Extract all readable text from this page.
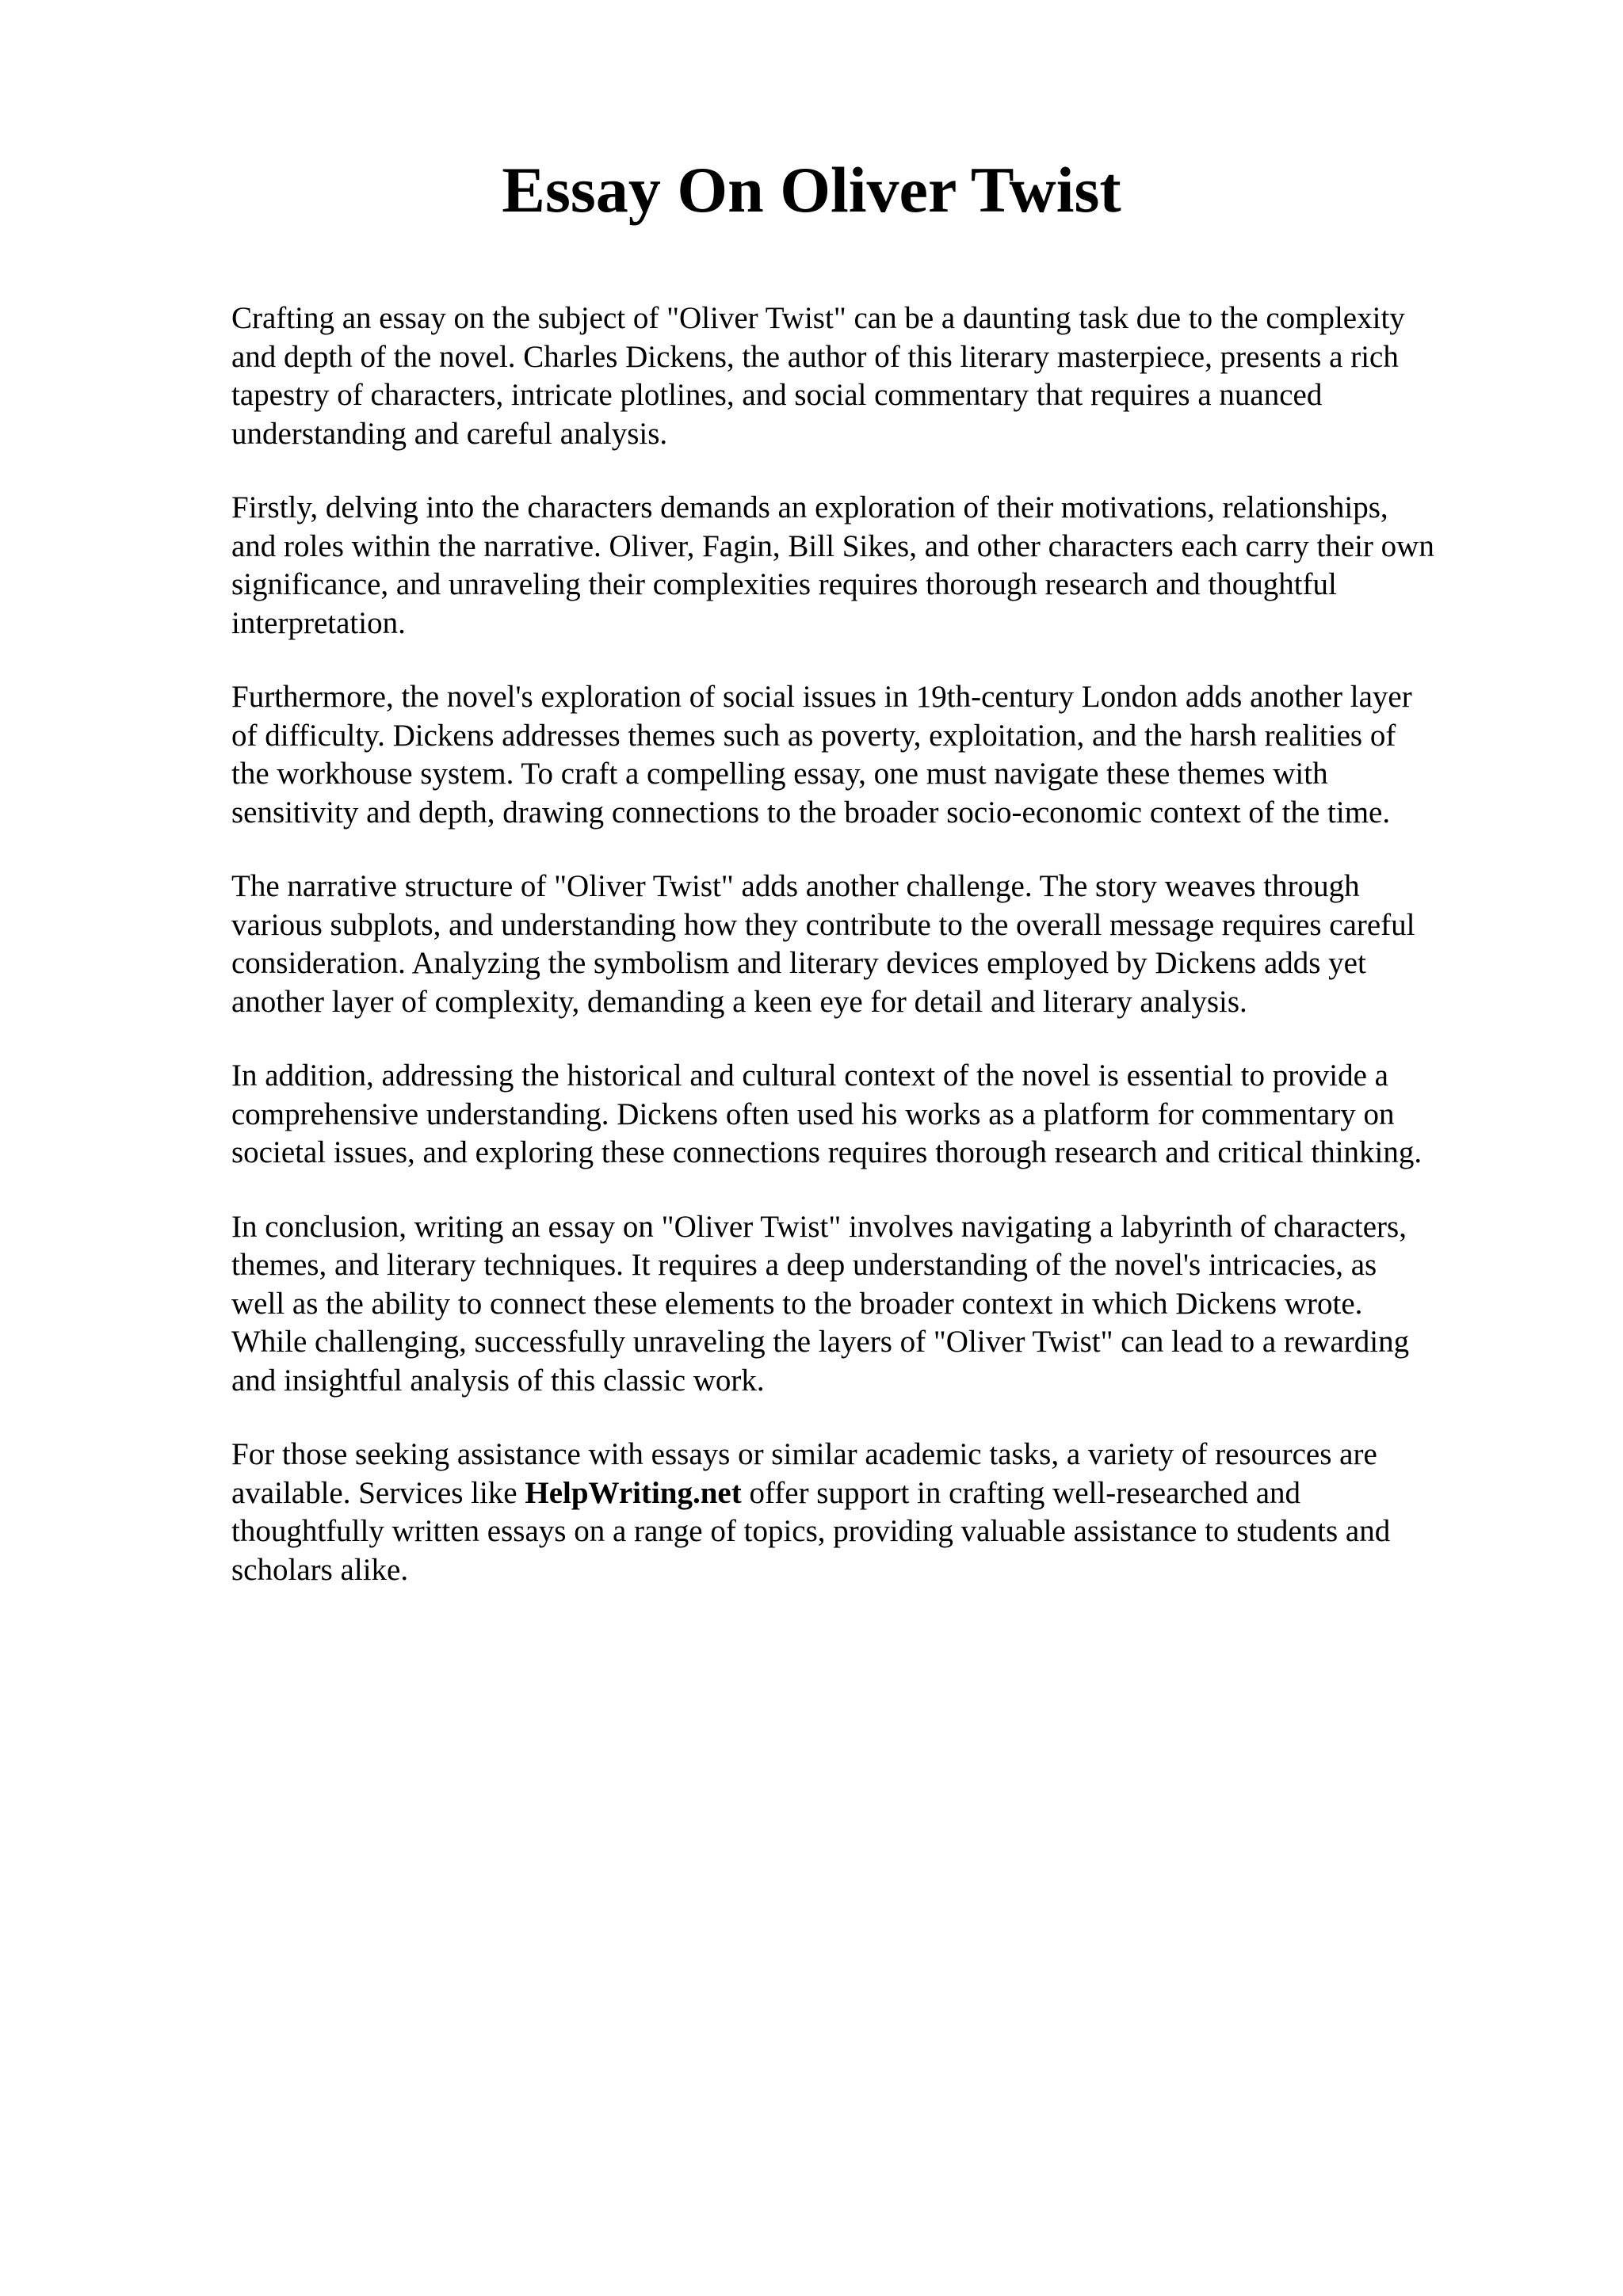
Essay On Oliver Twist

Crafting an essay on the subject of "Oliver Twist" can be a daunting task due to the complexity
and depth of the novel. Charles Dickens, the author of this literary masterpiece, presents a rich
tapestry of characters, intricate plotlines, and social commentary that requires a nuanced
understanding and careful analysis.

Firstly, delving into the characters demands an exploration of their motivations, relationships,
and roles within the narrative. Oliver, Fagin, Bill Sikes, and other characters each carry their own
significance, and unraveling their complexities requires thorough research and thoughtful
interpretation.

Furthermore, the novel's exploration of social issues in 19th-century London adds another layer
of difficulty. Dickens addresses themes such as poverty, exploitation, and the harsh realities of
the workhouse system. To craft a compelling essay, one must navigate these themes with
sensitivity and depth, drawing connections to the broader socio-economic context of the time.

The narrative structure of "Oliver Twist" adds another challenge. The story weaves through
various subplots, and understanding how they contribute to the overall message requires careful
consideration. Analyzing the symbolism and literary devices employed by Dickens adds yet
another layer of complexity, demanding a keen eye for detail and literary analysis.

In addition, addressing the historical and cultural context of the novel is essential to provide a
comprehensive understanding. Dickens often used his works as a platform for commentary on
societal issues, and exploring these connections requires thorough research and critical thinking.

In conclusion, writing an essay on "Oliver Twist" involves navigating a labyrinth of characters,
themes, and literary techniques. It requires a deep understanding of the novel's intricacies, as
well as the ability to connect these elements to the broader context in which Dickens wrote.
While challenging, successfully unraveling the layers of "Oliver Twist" can lead to a rewarding
and insightful analysis of this classic work.

For those seeking assistance with essays or similar academic tasks, a variety of resources are
available. Services like HelpWriting.net offer support in crafting well-researched and
thoughtfully written essays on a range of topics, providing valuable assistance to students and
scholars alike.
